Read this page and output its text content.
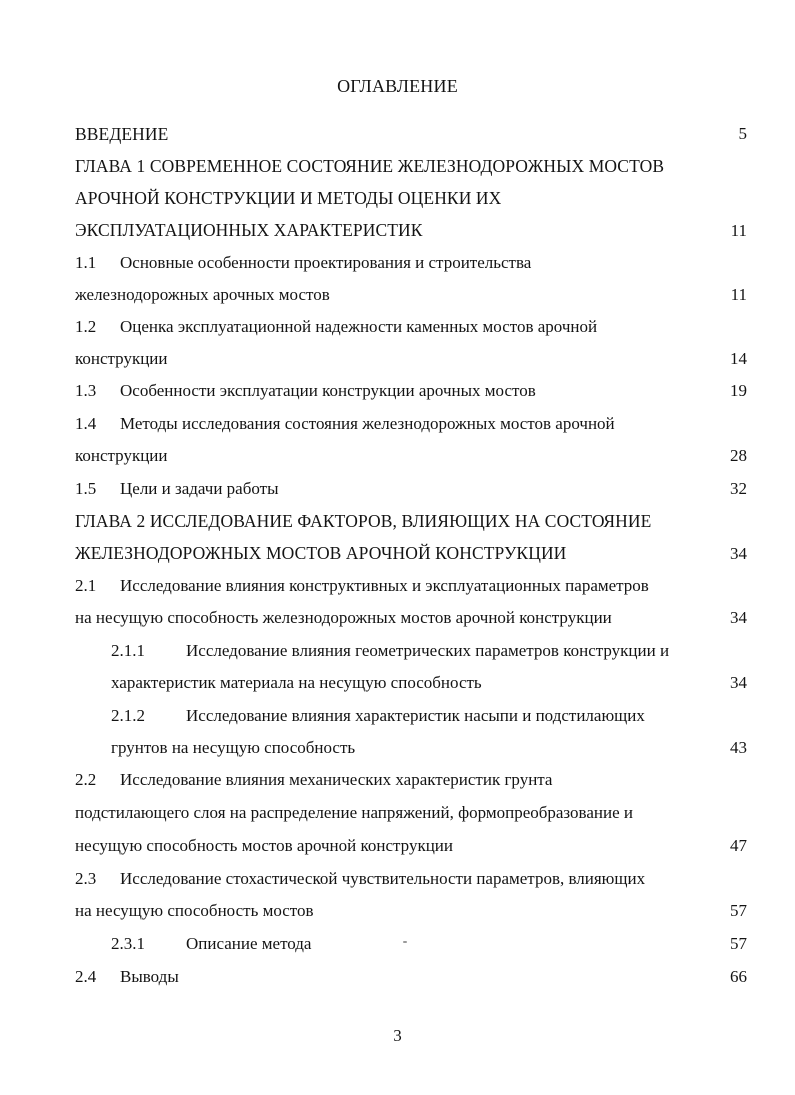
ОГЛАВЛЕНИЕ
ВВЕДЕНИЕ	5
ГЛАВА 1 СОВРЕМЕННОЕ СОСТОЯНИЕ ЖЕЛЕЗНОДОРОЖНЫХ МОСТОВ
АРОЧНОЙ КОНСТРУКЦИИ И МЕТОДЫ ОЦЕНКИ ИХ
ЭКСПЛУАТАЦИОННЫХ ХАРАКТЕРИСТИК	11
1.1 Основные особенности проектирования и строительства
железнодорожных арочных мостов	11
1.2 Оценка эксплуатационной надежности каменных мостов арочной
конструкции	14
1.3 Особенности эксплуатации конструкции арочных мостов	19
1.4 Методы исследования состояния железнодорожных мостов арочной
конструкции	28
1.5 Цели и задачи работы	32
ГЛАВА 2 ИССЛЕДОВАНИЕ ФАКТОРОВ, ВЛИЯЮЩИХ НА СОСТОЯНИЕ
ЖЕЛЕЗНОДОРОЖНЫХ МОСТОВ АРОЧНОЙ КОНСТРУКЦИИ	34
2.1 Исследование влияния конструктивных и эксплуатационных параметров
на несущую способность железнодорожных мостов арочной конструкции	34
2.1.1 Исследование влияния геометрических параметров конструкции и
характеристик материала на несущую способность	34
2.1.2 Исследование влияния характеристик насыпи и подстилающих
грунтов на несущую способность	43
2.2 Исследование влияния механических характеристик грунта
подстилающего слоя на распределение напряжений, формопреобразование и
несущую способность мостов арочной конструкции	47
2.3 Исследование стохастической чувствительности параметров, влияющих
на несущую способность мостов	57
2.3.1 Описание метода	57
2.4 Выводы	66
3
